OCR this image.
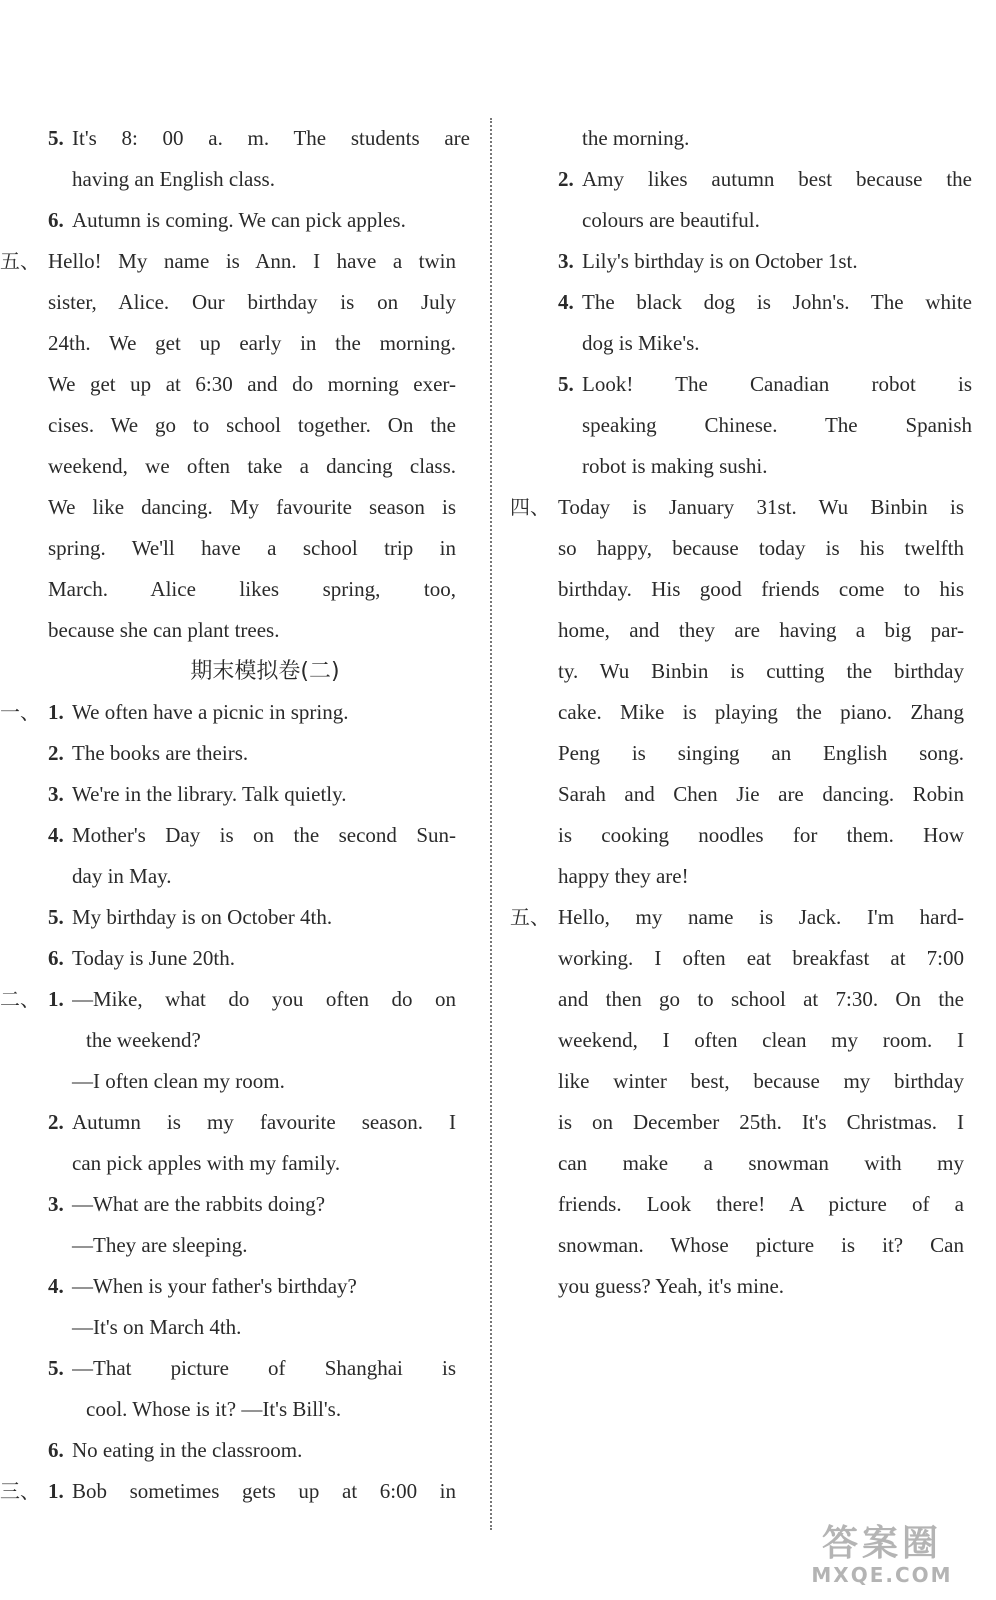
5. It's 8: 00 a. m. The students are
having an English class.
6. Autumn is coming. We can pick apples.
五、 Hello! My name is Ann. I have a twin
sister, Alice. Our birthday is on July
24th. We get up early in the morning.
We get up at 6:30 and do morning exer-
cises. We go to school together. On the
weekend, we often take a dancing class.
We like dancing. My favourite season is
spring. We'll have a school trip in
March. Alice likes spring, too,
because she can plant trees.
期末模拟卷(二)
一、 1. We often have a picnic in spring.
2. The books are theirs.
3. We're in the library. Talk quietly.
4. Mother's Day is on the second Sun-
day in May.
5. My birthday is on October 4th.
6. Today is June 20th.
二、 1. —Mike, what do you often do on
the weekend?
—I often clean my room.
2. Autumn is my favourite season. I
can pick apples with my family.
3. —What are the rabbits doing?
—They are sleeping.
4. —When is your father's birthday?
—It's on March 4th.
5. —That picture of Shanghai is
cool. Whose is it? —It's Bill's.
6. No eating in the classroom.
三、 1. Bob sometimes gets up at 6:00 in
the morning.
2. Amy likes autumn best because the
colours are beautiful.
3. Lily's birthday is on October 1st.
4. The black dog is John's. The white
dog is Mike's.
5. Look! The Canadian robot is
speaking Chinese. The Spanish
robot is making sushi.
四、 Today is January 31st. Wu Binbin is
so happy, because today is his twelfth
birthday. His good friends come to his
home, and they are having a big par-
ty. Wu Binbin is cutting the birthday
cake. Mike is playing the piano. Zhang
Peng is singing an English song.
Sarah and Chen Jie are dancing. Robin
is cooking noodles for them. How
happy they are!
五、 Hello, my name is Jack. I'm hard-
working. I often eat breakfast at 7:00
and then go to school at 7:30. On the
weekend, I often clean my room. I
like winter best, because my birthday
is on December 25th. It's Christmas. I
can make a snowman with my
friends. Look there! A picture of a
snowman. Whose picture is it? Can
you guess? Yeah, it's mine.
答案圈
MXQE.COM
